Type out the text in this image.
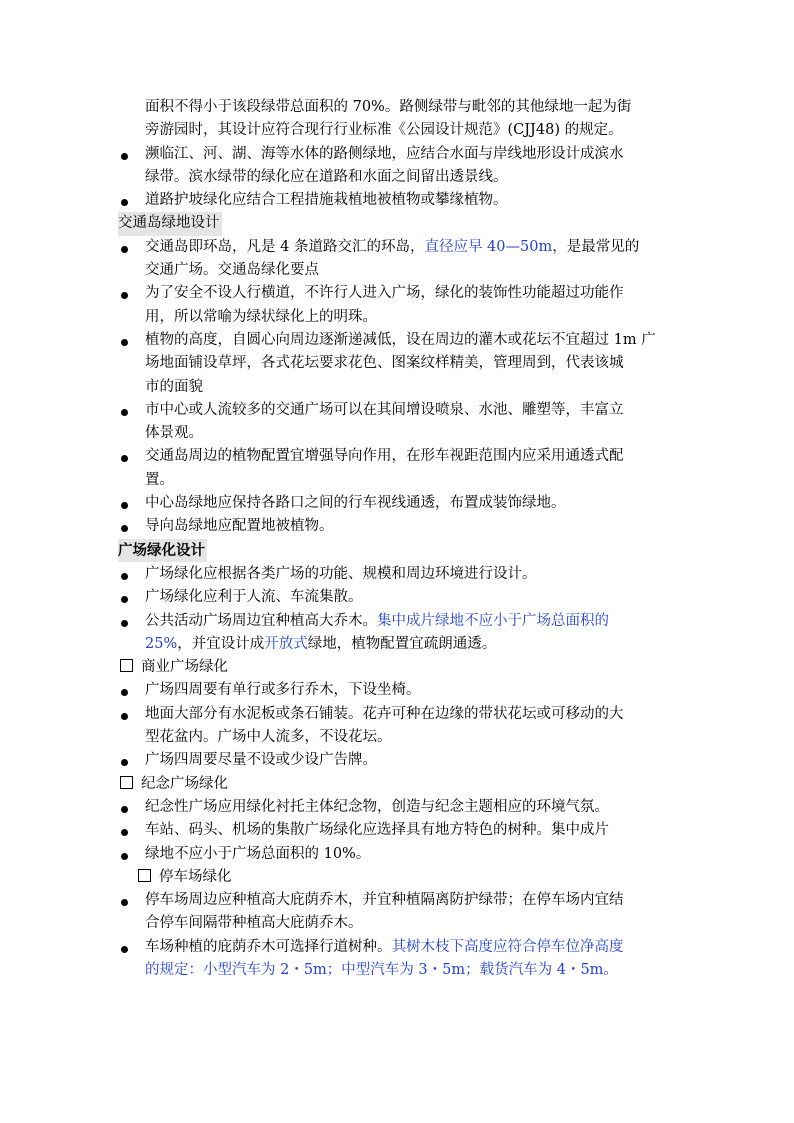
面积不得小于该段绿带总面积的 70%。路侧绿带与毗邻的其他绿地一起为街
旁游园时，其设计应符合现行行业标准《公园设计规范》(CJJ48) 的规定。
濒临江、河、湖、海等水体的路侧绿地，应结合水面与岸线地形设计成滨水
绿带。滨水绿带的绿化应在道路和水面之间留出透景线。
道路护坡绿化应结合工程措施栽植地被植物或攀缘植物。
交通岛绿地设计
交通岛即环岛，凡是 4 条道路交汇的环岛，直径应早 40—50m，是最常见的
交通广场。交通岛绿化要点
为了安全不设人行横道，不许行人进入广场，绿化的装饰性功能超过功能作
用，所以常喻为绿状绿化上的明珠。
植物的高度，自圆心向周边逐渐递减低，设在周边的灌木或花坛不宜超过 1m 广
场地面铺设草坪，各式花坛要求花色、图案纹样精美，管理周到，代表该城
市的面貌
市中心或人流较多的交通广场可以在其间增设喷泉、水池、雕塑等，丰富立
体景观。
交通岛周边的植物配置宜增强导向作用，在形车视距范围内应采用通透式配
置。
中心岛绿地应保持各路口之间的行车视线通透，布置成装饰绿地。
导向岛绿地应配置地被植物。
广场绿化设计
广场绿化应根据各类广场的功能、规模和周边环境进行设计。
广场绿化应利于人流、车流集散。
公共活动广场周边宜种植高大乔木。集中成片绿地不应小于广场总面积的
25%，并宜设计成开放式绿地，植物配置宜疏朗通透。
商业广场绿化
广场四周要有单行或多行乔木，下设坐椅。
地面大部分有水泥板或条石铺装。花卉可种在边缘的带状花坛或可移动的大
型花盆内。广场中人流多，不设花坛。
广场四周要尽量不设或少设广告牌。
纪念广场绿化
纪念性广场应用绿化衬托主体纪念物，创造与纪念主题相应的环境气氛。
车站、码头、机场的集散广场绿化应选择具有地方特色的树种。集中成片
绿地不应小于广场总面积的 10%。
停车场绿化
停车场周边应种植高大庇荫乔木，并宜种植隔离防护绿带；在停车场内宜结
合停车间隔带种植高大庇荫乔木。
车场种植的庇荫乔木可选择行道树种。其树木枝下高度应符合停车位净高度
的规定：小型汽车为 2・5m；中型汽车为 3・5m；载货汽车为 4・5m。
